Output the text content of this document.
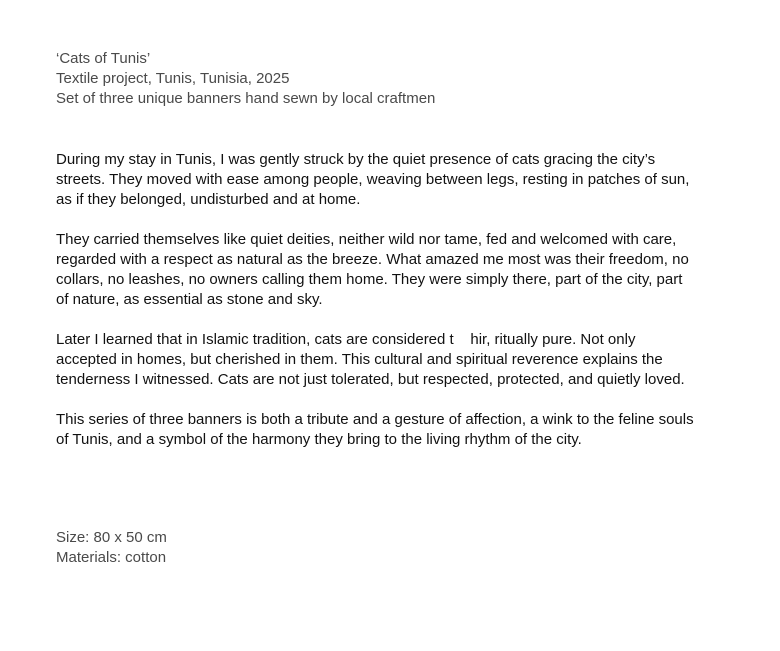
‘Cats of Tunis’

Textile project, Tunis, Tunisia, 2025

Set of three unique banners hand sewn by local craftmen

During my stay in Tunis, I was gently struck by the quiet presence of cats gracing the city’s streets. They moved with ease among people, weaving between legs, resting in patches of sun, as if they belonged, undisturbed and at home.

They carried themselves like quiet deities, neither wild nor tame, fed and welcomed with care, regarded with a respect as natural as the breeze. What amazed me most was their freedom, no collars, no leashes, no owners calling them home. They were simply there, part of the city, part of nature, as essential as stone and sky.

Later I learned that in Islamic tradition, cats are considered t    hir, ritually pure. Not only accepted in homes, but cherished in them. This cultural and spiritual reverence explains the tenderness I witnessed. Cats are not just tolerated, but respected, protected, and quietly loved.

This series of three banners is both a tribute and a gesture of affection, a wink to the feline souls of Tunis, and a symbol of the harmony they bring to the living rhythm of the city.

Size: 80 x 50 cm

Materials: cotton
